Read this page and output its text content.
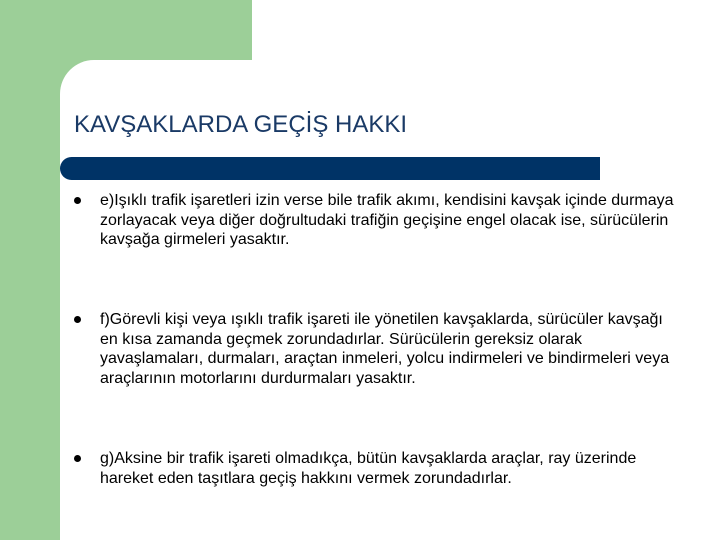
KAVŞAKLARDA GEÇİŞ HAKKI
e)Işıklı trafik işaretleri izin verse bile trafik akımı, kendisini kavşak içinde durmaya zorlayacak veya diğer doğrultudaki trafiğin geçişine engel olacak ise, sürücülerin kavşağa girmeleri yasaktır.
f)Görevli kişi veya ışıklı trafik işareti ile yönetilen kavşaklarda, sürücüler kavşağı en kısa zamanda geçmek zorundadırlar. Sürücülerin gereksiz olarak yavaşlamaları, durmaları, araçtan inmeleri, yolcu indirmeleri ve bindirmeleri veya araçlarının motorlarını durdurmaları yasaktır.
g)Aksine bir trafik işareti olmadıkça, bütün kavşaklarda araçlar, ray üzerinde hareket eden taşıtlara geçiş hakkını vermek zorundadırlar.
